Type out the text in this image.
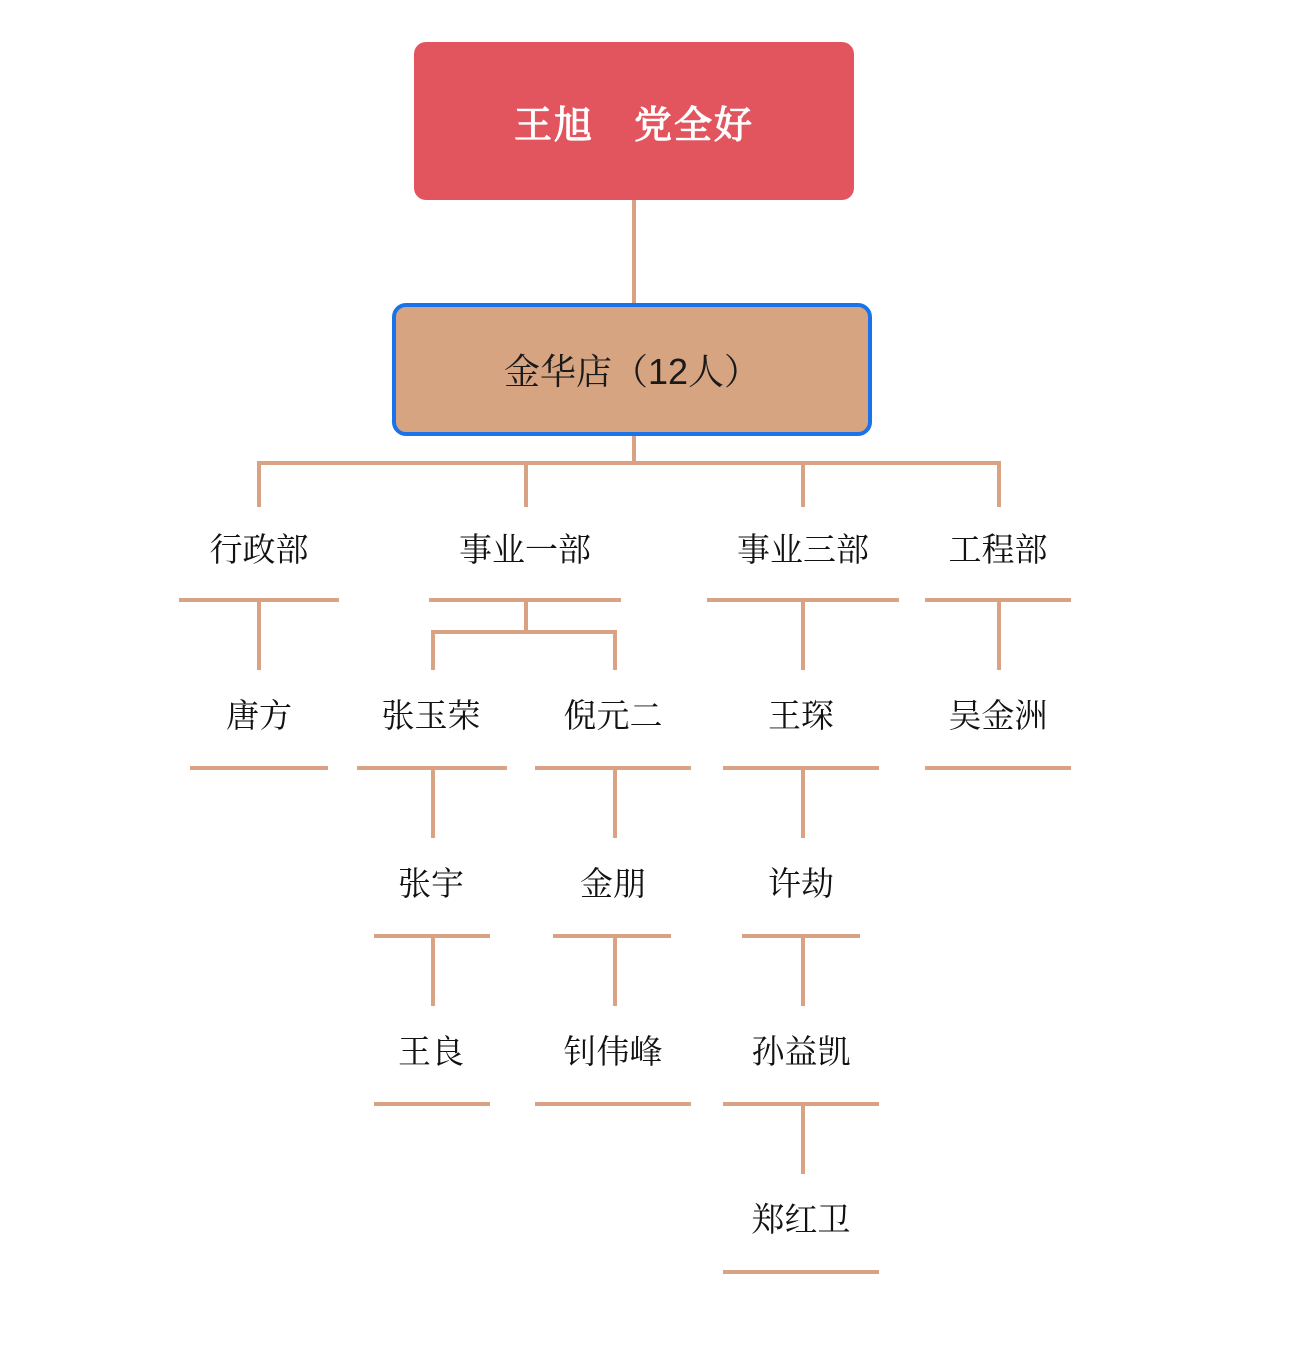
王旭　党全好
金华店（12人）
行政部	事业一部	事业三部	工程部
唐方	张玉荣	倪元二	王琛	吴金洲
张宇	金朋	许劫
王良	钊伟峰	孙益凯
郑红卫
